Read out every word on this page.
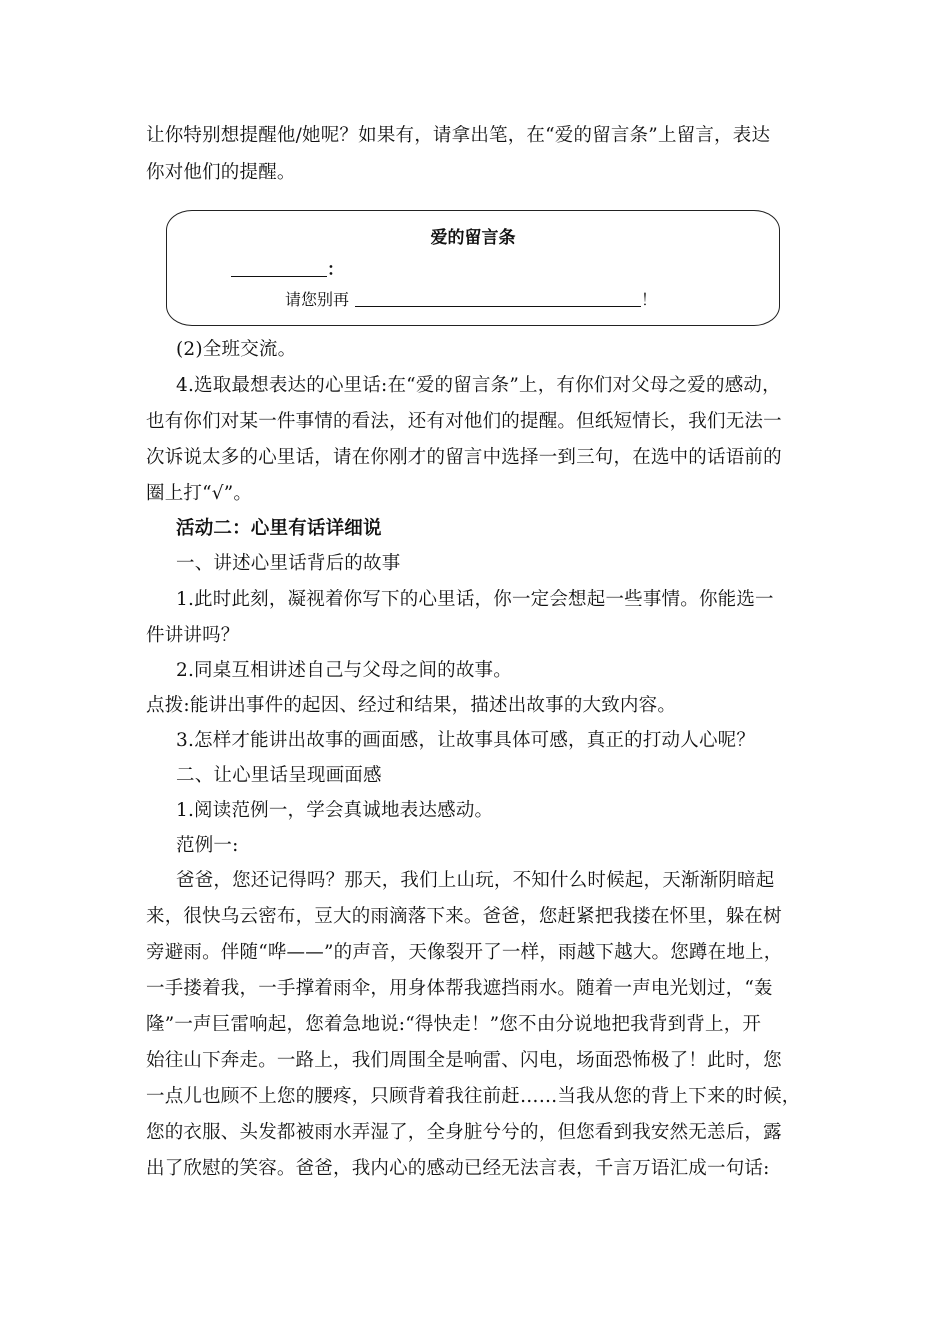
让你特别想提醒他/她呢？如果有，请拿出笔，在“爱的留言条”上留言，表达
你对他们的提醒。
爱的留言条
：
请您别再	！
(2)全班交流。
4.选取最想表达的心里话:在“爱的留言条”上，有你们对父母之爱的感动，
也有你们对某一件事情的看法，还有对他们的提醒。但纸短情长，我们无法一
次诉说太多的心里话，请在你刚才的留言中选择一到三句，在选中的话语前的
圈上打“√”。
活动二：心里有话详细说
一、讲述心里话背后的故事
1.此时此刻，凝视着你写下的心里话，你一定会想起一些事情。你能选一
件讲讲吗？
2.同桌互相讲述自己与父母之间的故事。
点拨:能讲出事件的起因、经过和结果，描述出故事的大致内容。
3.怎样才能讲出故事的画面感，让故事具体可感，真正的打动人心呢？
二、让心里话呈现画面感
1.阅读范例一，学会真诚地表达感动。
范例一:
爸爸，您还记得吗？那天，我们上山玩，不知什么时候起，天渐渐阴暗起
来，很快乌云密布，豆大的雨滴落下来。爸爸，您赶紧把我搂在怀里，躲在树
旁避雨。伴随“哗——”的声音，天像裂开了一样，雨越下越大。您蹲在地上，
一手搂着我，一手撑着雨伞，用身体帮我遮挡雨水。随着一声电光划过，“轰
隆”一声巨雷响起，您着急地说:“得快走！”您不由分说地把我背到背上，开
始往山下奔走。一路上，我们周围全是响雷、闪电，场面恐怖极了！此时，您
一点儿也顾不上您的腰疼，只顾背着我往前赶……当我从您的背上下来的时候，
您的衣服、头发都被雨水弄湿了，全身脏兮兮的，但您看到我安然无恙后，露
出了欣慰的笑容。爸爸，我内心的感动已经无法言表，千言万语汇成一句话:
